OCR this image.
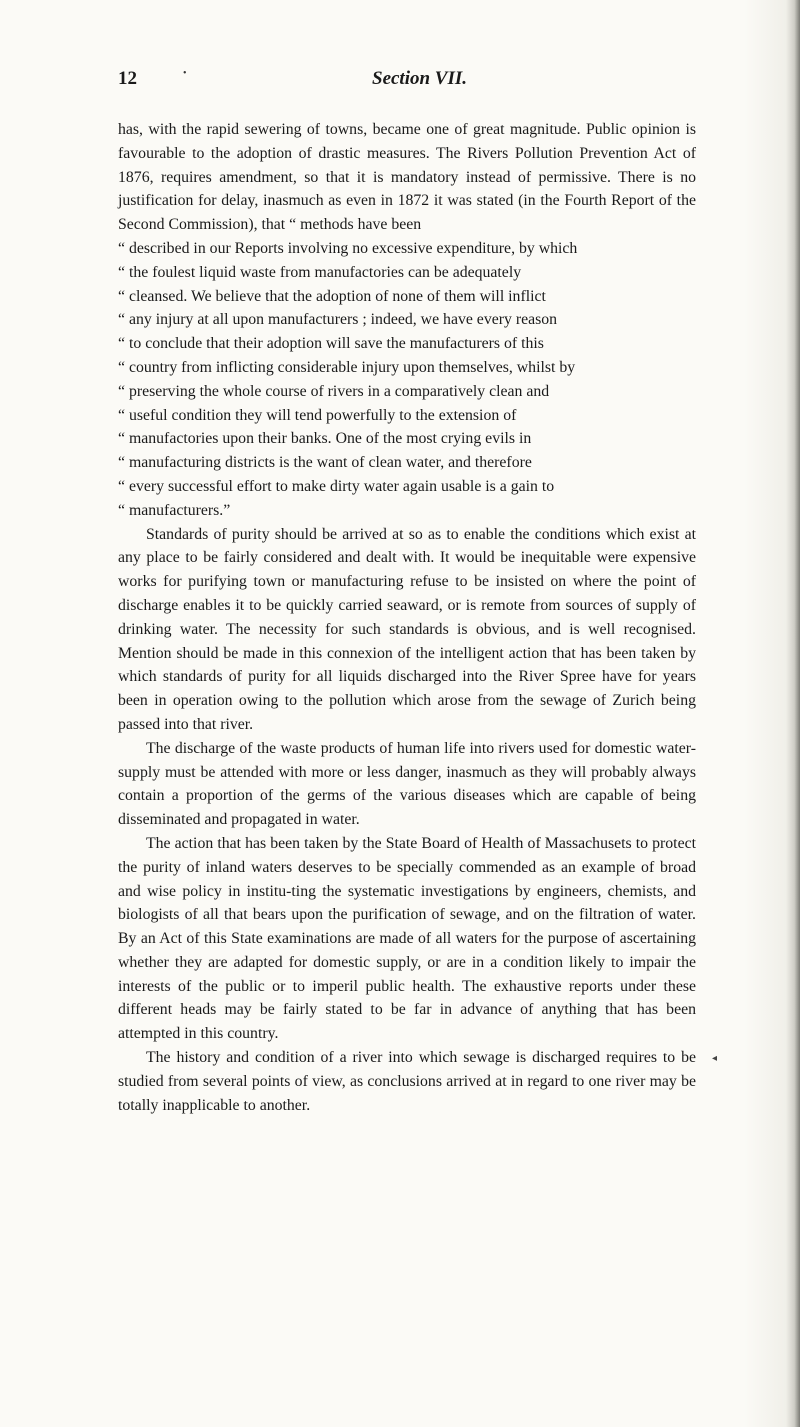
•
12	Section VII.

has, with the rapid sewering of towns, became one of great magnitude. Public opinion is favourable to the adoption of drastic measures. The Rivers Pollution Prevention Act of 1876, requires amendment, so that it is mandatory instead of permissive. There is no justification for delay, inasmuch as even in 1872 it was stated (in the Fourth Report of the Second Commission), that “ methods have been

“ described in our Reports involving no excessive expenditure, by which

“ the foulest liquid waste from manufactories can be adequately

“ cleansed. We believe that the adoption of none of them will inflict

“ any injury at all upon manufacturers ; indeed, we have every reason

“ to conclude that their adoption will save the manufacturers of this

“ country from inflicting considerable injury upon themselves, whilst by

“ preserving the whole course of rivers in a comparatively clean and

“ useful condition they will tend powerfully to the extension of

“ manufactories upon their banks. One of the most crying evils in

“ manufacturing districts is the want of clean water, and therefore

“ every successful effort to make dirty water again usable is a gain to

“ manufacturers.”

Standards of purity should be arrived at so as to enable the conditions which exist at any place to be fairly considered and dealt with. It would be inequitable were expensive works for purifying town or manufacturing refuse to be insisted on where the point of discharge enables it to be quickly carried seaward, or is remote from sources of supply of drinking water. The necessity for such standards is obvious, and is well recognised. Mention should be made in this connexion of the intelligent action that has been taken by which standards of purity for all liquids discharged into the River Spree have for years been in operation owing to the pollution which arose from the sewage of Zurich being passed into that river.

The discharge of the waste products of human life into rivers used for domestic water-supply must be attended with more or less danger, inasmuch as they will probably always contain a proportion of the germs of the various diseases which are capable of being disseminated and propagated in water.

The action that has been taken by the State Board of Health of Massachusets to protect the purity of inland waters deserves to be specially commended as an example of broad and wise policy in institu-ting the systematic investigations by engineers, chemists, and biologists of all that bears upon the purification of sewage, and on the filtration of water. By an Act of this State examinations are made of all waters for the purpose of ascertaining whether they are adapted for domestic supply, or are in a condition likely to impair the interests of the public or to imperil public health. The exhaustive reports under these different heads may be fairly stated to be far in advance of anything that has been attempted in this country.

The history and condition of a river into which sewage is discharged requires to be studied from several points of view, as conclusions arrived at in regard to one river may be totally inapplicable to another.

◂
